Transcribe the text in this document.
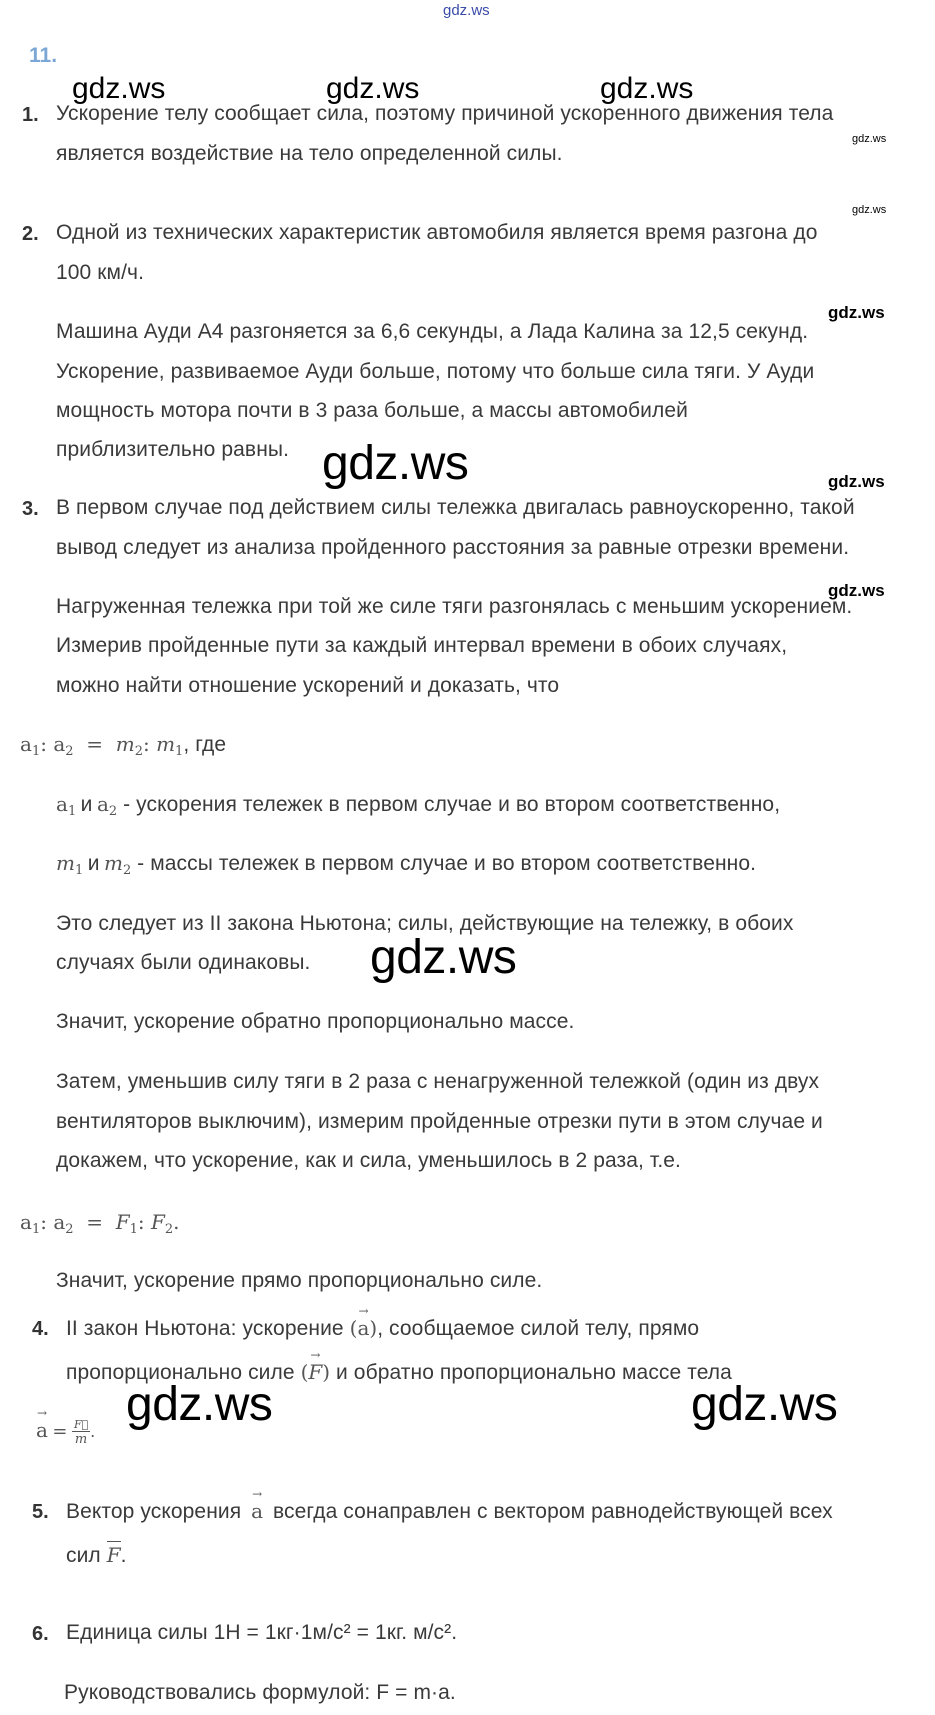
gdz.ws
gdz.ws	gdz.ws	gdz.ws
gdz.ws
gdz.ws
gdz.ws
gdz.ws	gdz.ws
gdz.ws
gdz.ws
gdz.ws	gdz.ws
11.
1. Ускорение телу сообщает сила, поэтому причиной ускоренного движения тела
является воздействие на тело определенной силы.
2. Одной из технических характеристик автомобиля является время разгона до
100 км/ч.
Машина Ауди А4 разгоняется за 6,6 секунды, а Лада Калина за 12,5 секунд.
Ускорение, развиваемое Ауди больше, потому что больше сила тяги. У Ауди
мощность мотора почти в 3 раза больше, а массы автомобилей
приблизительно равны.
3. В первом случае под действием силы тележка двигалась равноускоренно, такой
вывод следует из анализа пройденного расстояния за равные отрезки времени.
Нагруженная тележка при той же силе тяги разгонялась с меньшим ускорением.
Измерив пройденные пути за каждый интервал времени в обоих случаях,
можно найти отношение ускорений и доказать, что
$a_1$: $a_2 = m_2$: $m_1$, где
$a_1$ и $a_2$ - ускорения тележек в первом случае и во втором соответственно,
$m_1$ и $m_2$ - массы тележек в первом случае и во втором соответственно.
Это следует из II закона Ньютона; силы, действующие на тележку, в обоих
случаях были одинаковы.
Значит, ускорение обратно пропорционально массе.
Затем, уменьшив силу тяги в 2 раза с ненагруженной тележкой (один из двух
вентиляторов выключим), измерим пройденные отрезки пути в этом случае и
докажем, что ускорение, как и сила, уменьшилось в 2 раза, т.е.
$a_1$: $a_2 = F_1$: $F_2$.
Значит, ускорение прямо пропорционально силе.
4. II закон Ньютона: ускорение (a
→
), сообщаемое силой телу, прямо
пропорционально силе (F
→
) и обратно пропорционально массе тела
a
→
= $\frac{F⃗}{m}$ .
5. Вектор ускорения a
→
всегда сонаправлен с вектором равнодействующей всех
сил F.
6. Единица силы 1Н = 1кг·1м/с² = 1кг. м/с².
Руководствовались формулой: F = m·a.
